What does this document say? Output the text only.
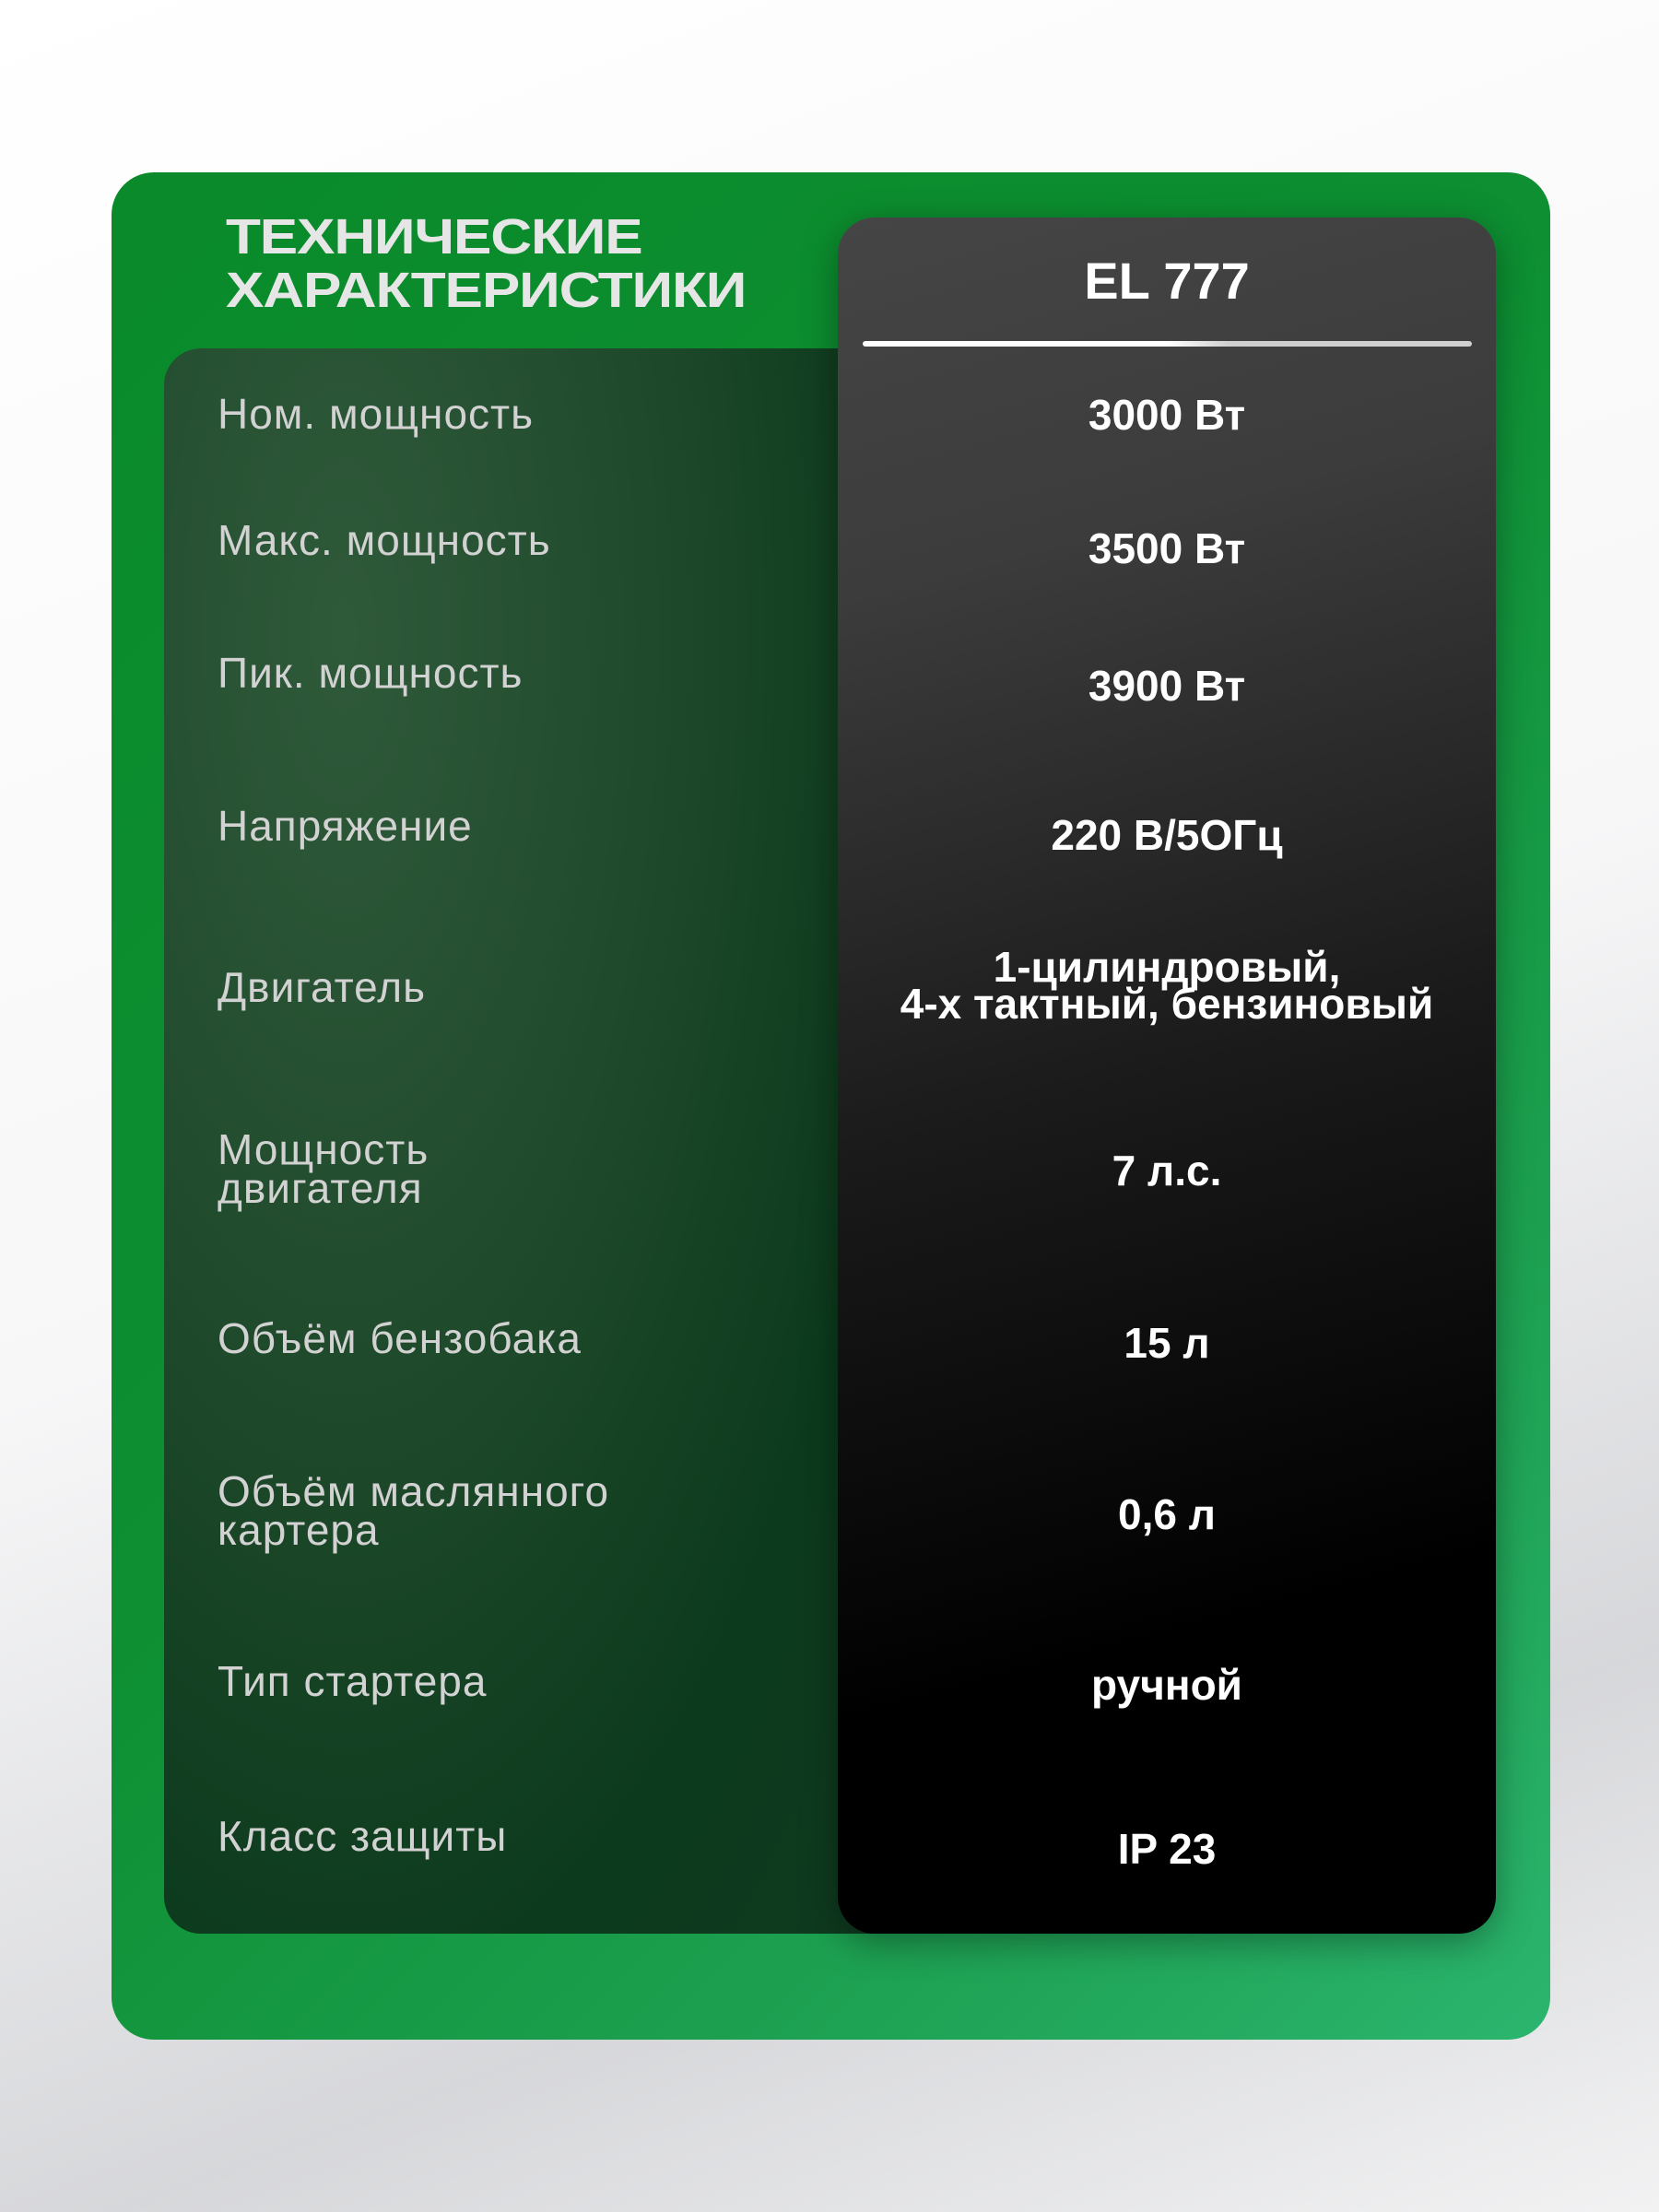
ТЕХНИЧЕСКИЕ
ХАРАКТЕРИСТИКИ	EL 777
Ном. мощность	3000 Вт
Макс. мощность	3500 Вт
Пик. мощность	3900 Вт
Напряжение	220 В/5ОГц
Двигатель	1-цилиндровый,
4-х тактный, бензиновый
Мощность
двигателя	7 л.с.
Объём бензобака	15 л
Объём маслянного
картера	0,6 л
Тип стартера	ручной
Класс защиты	IP 23
